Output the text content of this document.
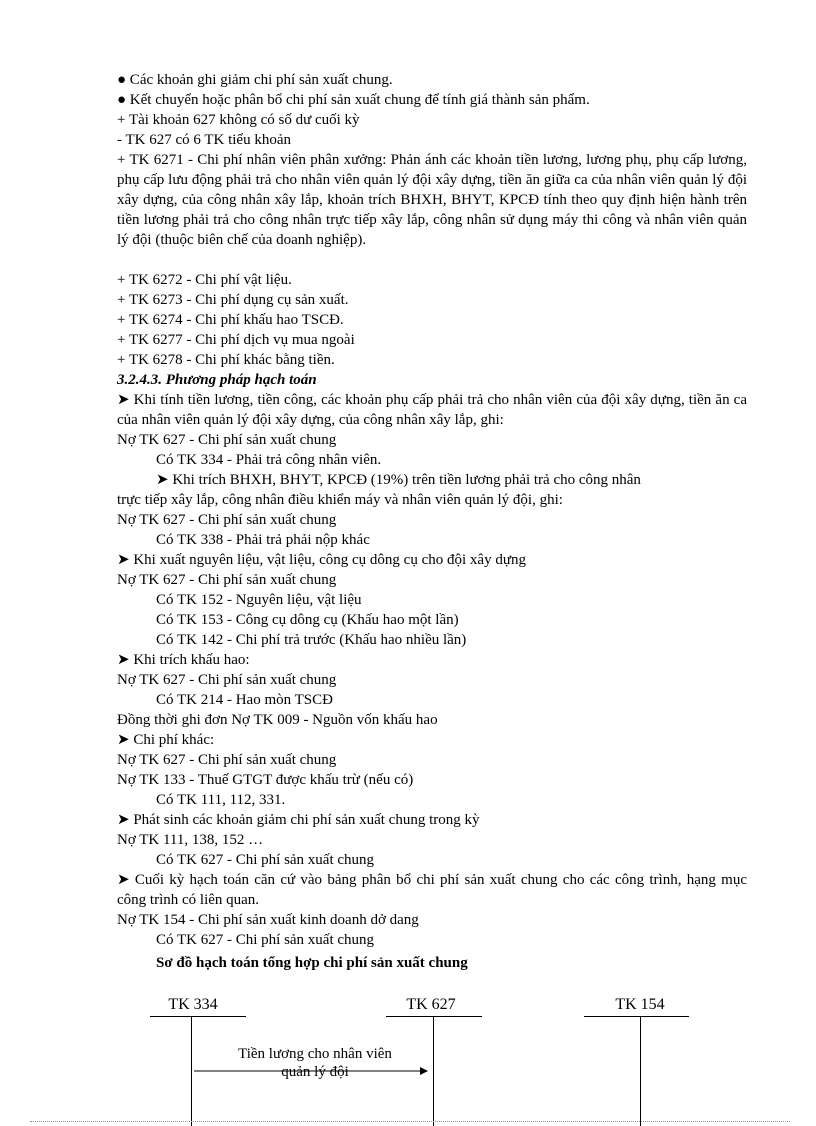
● Các khoản ghi giảm chi phí sản xuất chung.
● Kết chuyển hoặc phân bổ chi phí sản xuất chung để tính giá thành sản phẩm.
+ Tài khoản 627 không có số dư cuối kỳ
- TK 627 có 6 TK tiểu khoản
+ TK 6271 - Chi phí nhân viên phân xưởng: Phản ánh các khoản tiền lương, lương phụ, phụ cấp lương, phụ cấp lưu động phải trả cho nhân viên quản lý đội xây dựng, tiền ăn giữa ca của nhân viên quản lý đội xây dựng, của công nhân xây lắp, khoản trích BHXH, BHYT, KPCĐ tính theo quy định hiện hành trên tiền lương phải trả cho công nhân trực tiếp xây lắp, công nhân sử dụng máy thi công và nhân viên quản lý đội (thuộc biên chế của doanh nghiệp).
+ TK 6272 - Chi phí vật liệu.
+ TK 6273 - Chi phí dụng cụ sản xuất.
+ TK 6274 - Chi phí khấu hao TSCĐ.
+ TK 6277 - Chi phí dịch vụ mua ngoài
+ TK 6278 - Chi phí khác bằng tiền.
3.2.4.3. Phương pháp hạch toán
➤ Khi tính tiền lương, tiền công, các khoản phụ cấp phải trả cho nhân viên của đội xây dựng, tiền ăn ca của nhân viên quản lý đội xây dựng, của công nhân xây lắp, ghi:
Nợ TK 627 - Chi phí sản xuất chung
Có TK 334 - Phải trả công nhân viên.
➤ Khi trích BHXH, BHYT, KPCĐ (19%) trên tiền lương phải trả cho công nhân
trực tiếp xây lắp, công nhân điều khiển máy và nhân viên quản lý đội, ghi:
Nợ TK 627 - Chi phí sản xuất chung
Có TK 338 - Phải trả phải nộp khác
➤ Khi xuất nguyên liệu, vật liệu, công cụ dông cụ cho đội xây dựng
Nợ TK 627 - Chi phí sản xuất chung
Có TK 152 - Nguyên liệu, vật liệu
Có TK 153 - Công cụ dông cụ (Khấu hao một lần)
Có TK 142 - Chi phí trả trước (Khấu hao nhiều lần)
➤ Khi trích khấu hao:
Nợ TK 627 - Chi phí sản xuất chung
Có TK 214 - Hao mòn TSCĐ
Đồng thời ghi đơn Nợ TK 009 - Nguồn vốn khấu hao
➤ Chi phí khác:
Nợ TK 627 - Chi phí sản xuất chung
Nợ TK 133 - Thuế GTGT được khấu trừ (nếu có)
Có TK 111, 112, 331.
➤ Phát sinh các khoản giảm chi phí sản xuất chung trong kỳ
Nợ TK 111, 138, 152 …
Có TK 627 - Chi phí sản xuất chung
➤ Cuối kỳ hạch toán căn cứ vào bảng phân bổ chi phí sản xuất chung cho các công trình, hạng mục công trình có liên quan.
Nợ TK 154 - Chi phí sản xuất kinh doanh dở dang
Có TK 627 - Chi phí sản xuất chung
Sơ đồ hạch toán tổng hợp chi phí sản xuất chung
TK 334	TK 627	TK 154
Tiền lương cho nhân viên
quản lý đội
